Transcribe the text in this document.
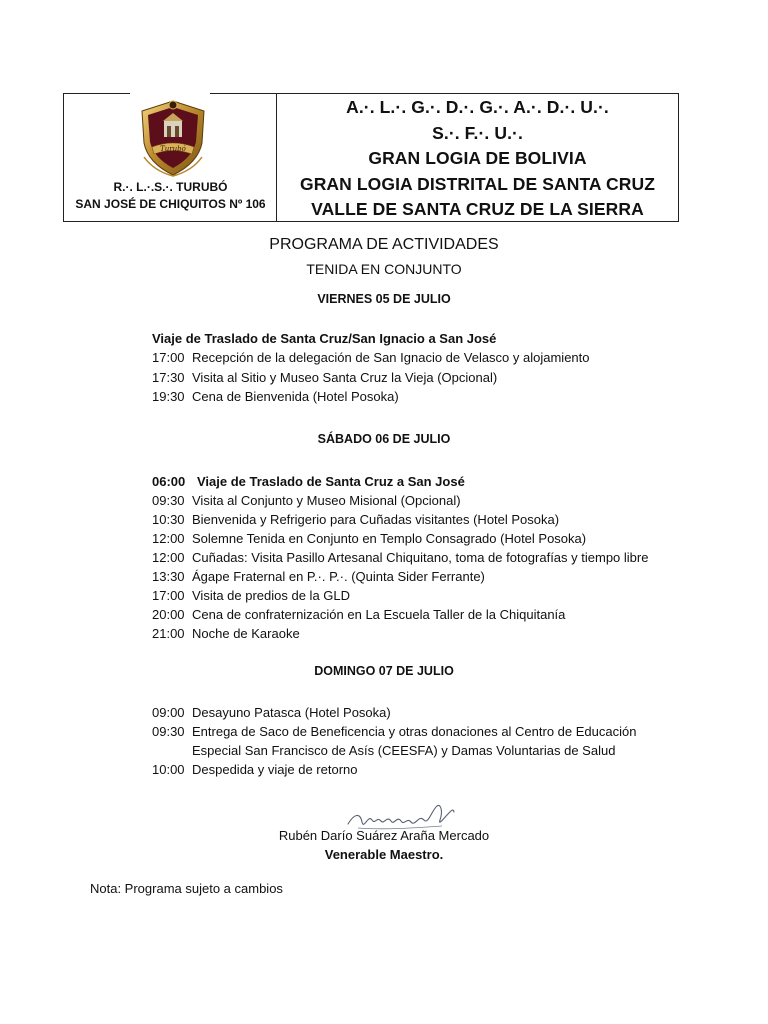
Turubó
R.·. L.·.S.·. TURUBÓ
SAN JOSÉ DE CHIQUITOS Nº 106
A.·. L.·. G.·. D.·. G.·. A.·. D.·. U.·.
S.·. F.·. U.·.
GRAN LOGIA DE BOLIVIA
GRAN LOGIA DISTRITAL DE SANTA CRUZ
VALLE DE SANTA CRUZ DE LA SIERRA
PROGRAMA DE ACTIVIDADES
TENIDA EN CONJUNTO
VIERNES 05 DE JULIO
Viaje de Traslado de Santa Cruz/San Ignacio a San José
17:00 Recepción de la delegación de San Ignacio de Velasco y alojamiento
17:30 Visita al Sitio y Museo Santa Cruz la Vieja (Opcional)
19:30 Cena de Bienvenida (Hotel Posoka)
SÁBADO 06 DE JULIO
06:00 Viaje de Traslado de Santa Cruz a San José
09:30 Visita al Conjunto y Museo Misional (Opcional)
10:30 Bienvenida y Refrigerio para Cuñadas visitantes (Hotel Posoka)
12:00 Solemne Tenida en Conjunto en Templo Consagrado (Hotel Posoka)
12:00 Cuñadas: Visita Pasillo Artesanal Chiquitano, toma de fotografías y tiempo libre
13:30 Ágape Fraternal en P.·. P.·. (Quinta Sider Ferrante)
17:00 Visita de predios de la GLD
20:00 Cena de confraternización en La Escuela Taller de la Chiquitanía
21:00 Noche de Karaoke
DOMINGO 07 DE JULIO
09:00 Desayuno Patasca (Hotel Posoka)
09:30 Entrega de Saco de Beneficencia y otras donaciones al Centro de Educación
Especial San Francisco de Asís (CEESFA) y Damas Voluntarias de Salud
10:00 Despedida y viaje de retorno
Rubén Darío Suárez Araña Mercado
Venerable Maestro.
Nota: Programa sujeto a cambios
